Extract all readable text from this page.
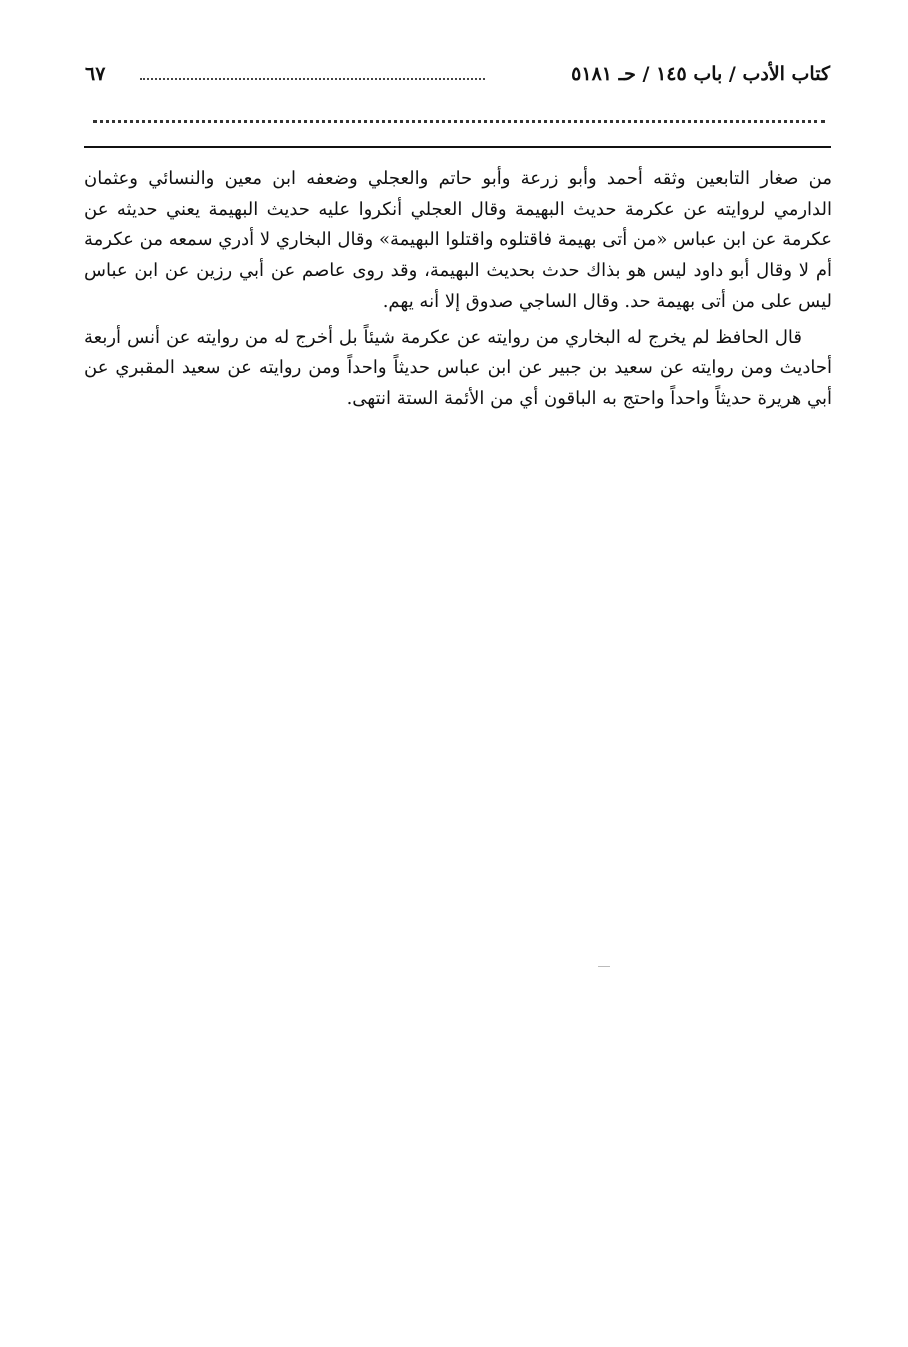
كتاب الأدب / باب ١٤٥ / حـ ٥١٨١
٦٧

من صغار التابعين وثقه أحمد وأبو زرعة وأبو حاتم والعجلي وضعفه ابن معين والنسائي وعثمان الدارمي لروايته عن عكرمة حديث البهيمة وقال العجلي أنكروا عليه حديث البهيمة يعني حديثه عن عكرمة عن ابن عباس «من أتى بهيمة فاقتلوه واقتلوا البهيمة» وقال البخاري لا أدري سمعه من عكرمة أم لا وقال أبو داود ليس هو بذاك حدث بحديث البهيمة، وقد روى عاصم عن أبي رزين عن ابن عباس ليس على من أتى بهيمة حد. وقال الساجي صدوق إلا أنه يهم.

قال الحافظ لم يخرج له البخاري من روايته عن عكرمة شيئاً بل أخرج له من روايته عن أنس أربعة أحاديث ومن روايته عن سعيد بن جبير عن ابن عباس حديثاً واحداً ومن روايته عن سعيد المقبري عن أبي هريرة حديثاً واحداً واحتج به الباقون أي من الأئمة الستة انتهى.
